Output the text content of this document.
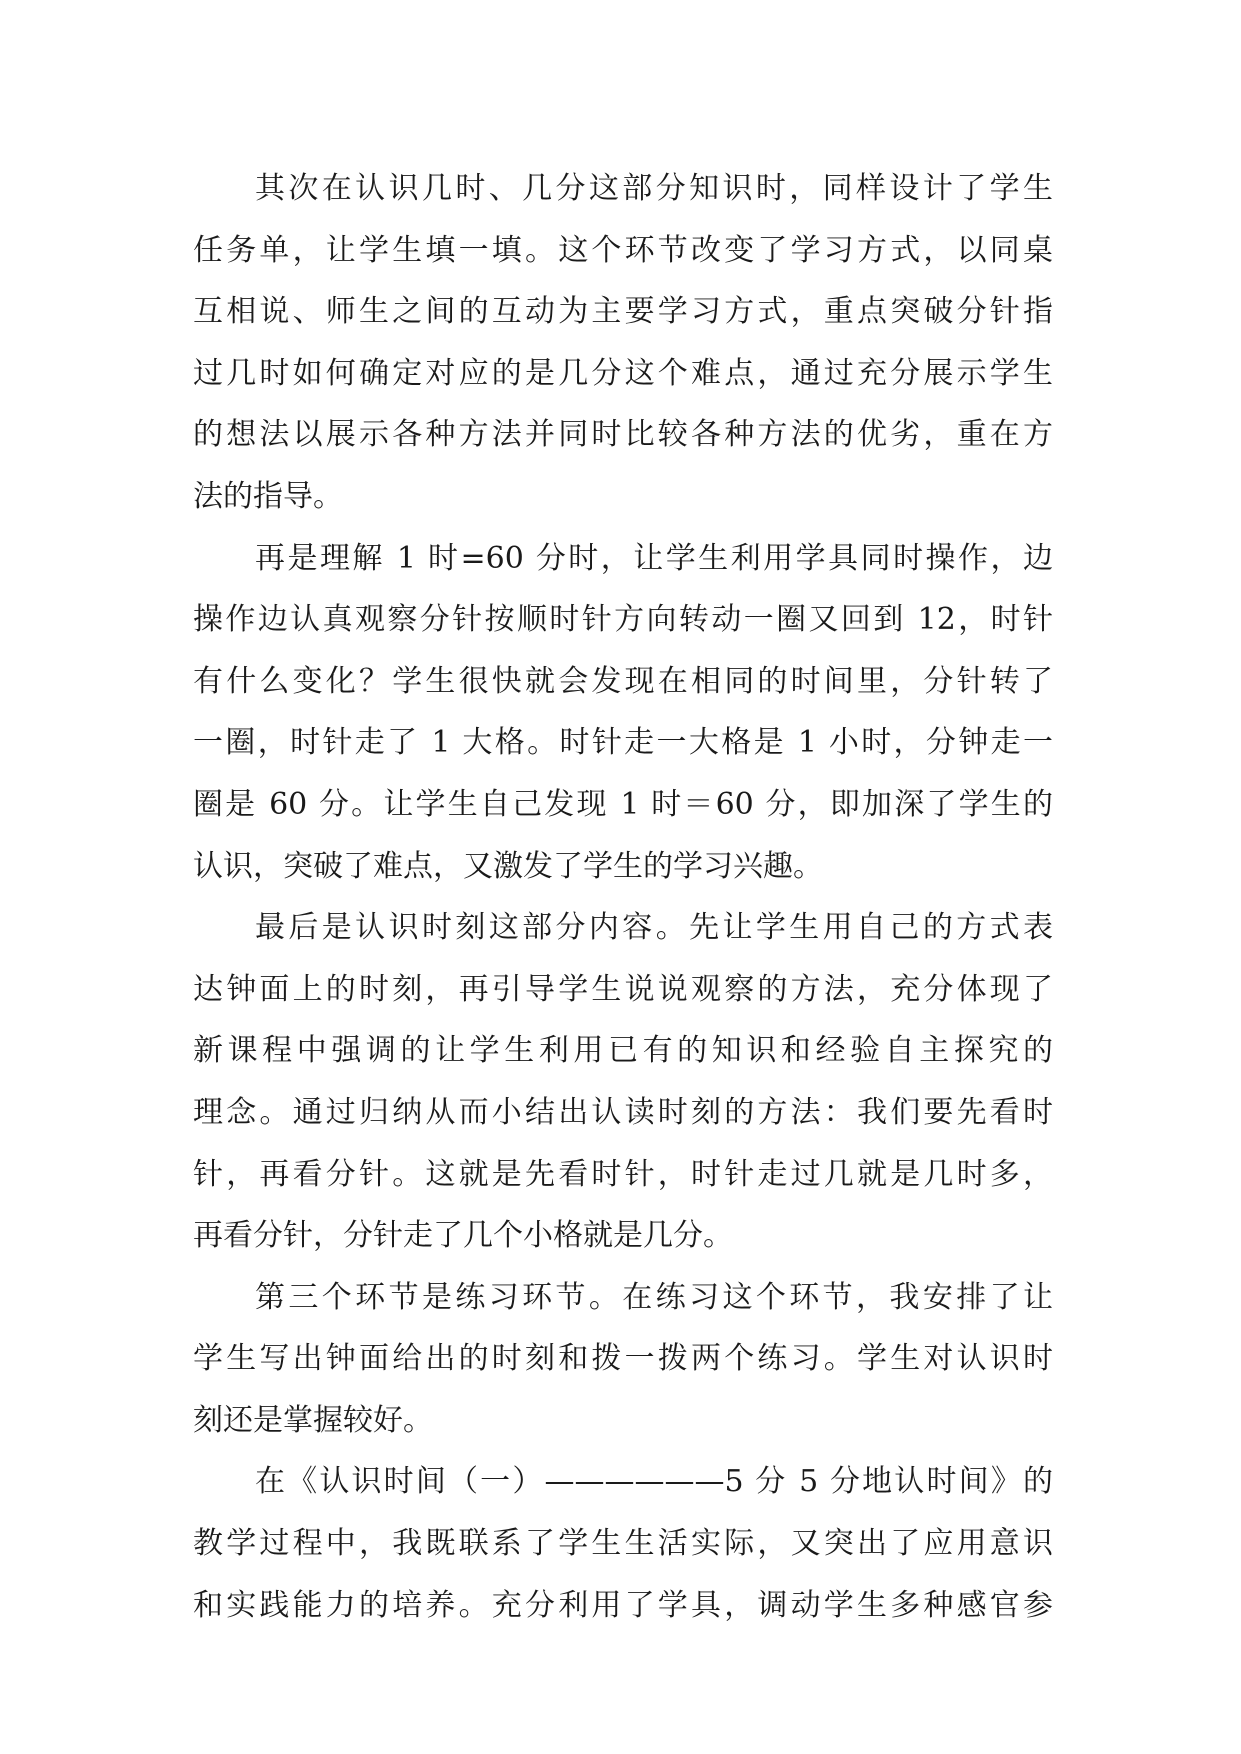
其次在认识几时、几分这部分知识时，同样设计了学生
任务单，让学生填一填。这个环节改变了学习方式，以同桌
互相说、师生之间的互动为主要学习方式，重点突破分针指
过几时如何确定对应的是几分这个难点，通过充分展示学生
的想法以展示各种方法并同时比较各种方法的优劣，重在方
法的指导。
再是理解 1 时=60 分时，让学生利用学具同时操作，边
操作边认真观察分针按顺时针方向转动一圈又回到 12，时针
有什么变化？学生很快就会发现在相同的时间里，分针转了
一圈，时针走了 1 大格。时针走一大格是 1 小时，分钟走一
圈是 60 分。让学生自己发现 1 时＝60 分，即加深了学生的
认识，突破了难点，又激发了学生的学习兴趣。
最后是认识时刻这部分内容。先让学生用自己的方式表
达钟面上的时刻，再引导学生说说观察的方法，充分体现了
新课程中强调的让学生利用已有的知识和经验自主探究的
理念。通过归纳从而小结出认读时刻的方法：我们要先看时
针，再看分针。这就是先看时针，时针走过几就是几时多，
再看分针，分针走了几个小格就是几分。
第三个环节是练习环节。在练习这个环节，我安排了让
学生写出钟面给出的时刻和拨一拨两个练习。学生对认识时
刻还是掌握较好。
在《认识时间（一）——————5 分 5 分地认时间》的
教学过程中，我既联系了学生生活实际，又突出了应用意识
和实践能力的培养。充分利用了学具，调动学生多种感官参
